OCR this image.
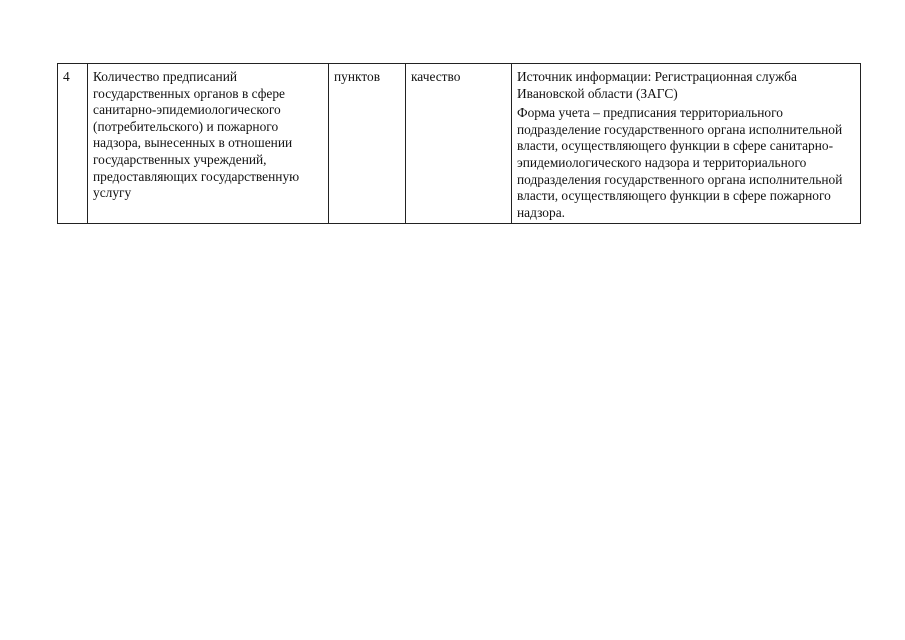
4	Количество предписаний государственных органов в сфере санитарно-эпидемиологического (потребительского) и пожарного надзора, вынесенных в отношении государственных учреждений, предоставляющих государственную услугу	пунктов	качество	Источник информации: Регистрационная служба Ивановской области (ЗАГС)
Форма учета – предписания территориального подразделение государственного органа исполнительной власти, осуществляющего функции в сфере санитарно-эпидемиологического надзора и территориального подразделения государственного органа исполнительной власти, осуществляющего функции в сфере пожарного надзора.
